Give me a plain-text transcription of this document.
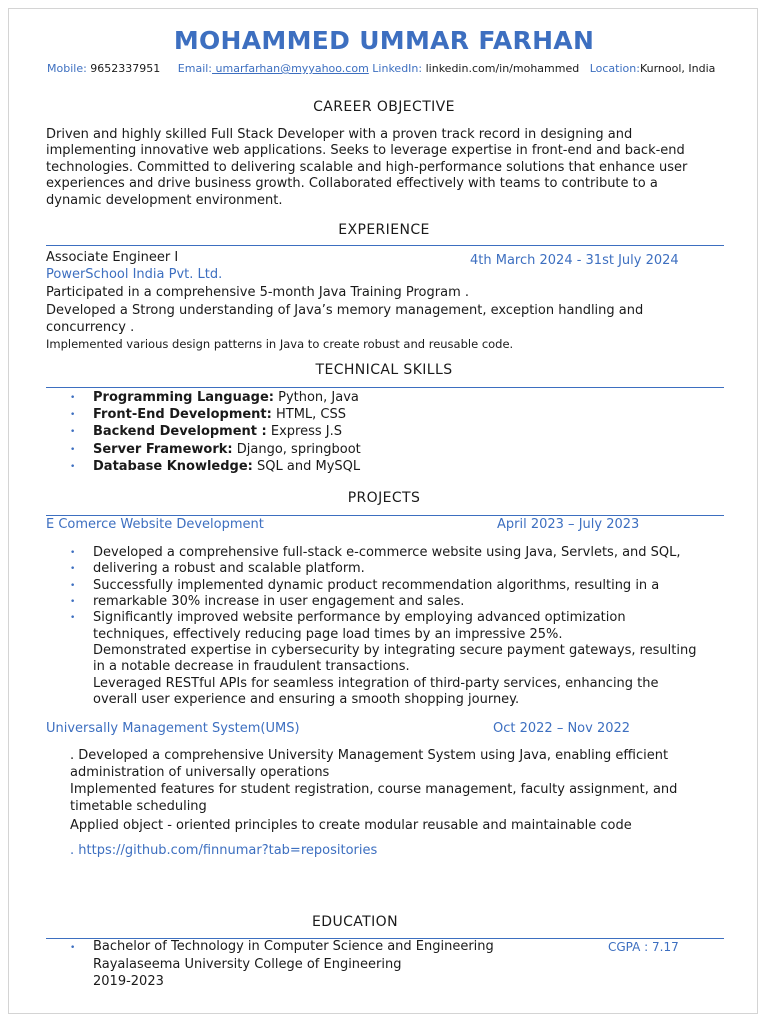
MOHAMMED UMMAR FARHAN
Mobile: 9652337951 Email: umarfarhan@myyahoo.com LinkedIn: linkedin.com/in/mohammed Location:Kurnool, India
CAREER OBJECTIVE
Driven and highly skilled Full Stack Developer with a proven track record in designing and
implementing innovative web applications. Seeks to leverage expertise in front-end and back-end
technologies. Committed to delivering scalable and high-performance solutions that enhance user
experiences and drive business growth. Collaborated effectively with teams to contribute to a
dynamic development environment.
EXPERIENCE
Associate Engineer I	4th March 2024 - 31st July 2024
PowerSchool India Pvt. Ltd.
Participated in a comprehensive 5-month Java Training Program .
Developed a Strong understanding of Java’s memory management, exception handling and
concurrency .
Implemented various design patterns in Java to create robust and reusable code.
TECHNICAL SKILLS
• Programming Language: Python, Java
• Front-End Development: HTML, CSS
• Backend Development : Express J.S
• Server Framework: Django, springboot
• Database Knowledge: SQL and MySQL
PROJECTS
E Comerce Website Development	April 2023 – July 2023
• Developed a comprehensive full-stack e-commerce website using Java, Servlets, and SQL,
• delivering a robust and scalable platform.
• Successfully implemented dynamic product recommendation algorithms, resulting in a
• remarkable 30% increase in user engagement and sales.
• Significantly improved website performance by employing advanced optimization
techniques, effectively reducing page load times by an impressive 25%.
Demonstrated expertise in cybersecurity by integrating secure payment gateways, resulting
in a notable decrease in fraudulent transactions.
Leveraged RESTful APIs for seamless integration of third-party services, enhancing the
overall user experience and ensuring a smooth shopping journey.
Universally Management System(UMS)	Oct 2022 – Nov 2022
. Developed a comprehensive University Management System using Java, enabling efficient
administration of universally operations
Implemented features for student registration, course management, faculty assignment, and
timetable scheduling
Applied object - oriented principles to create modular reusable and maintainable code
. https://github.com/finnumar?tab=repositories
EDUCATION
• Bachelor of Technology in Computer Science and Engineering	CGPA : 7.17
Rayalaseema University College of Engineering
2019-2023
